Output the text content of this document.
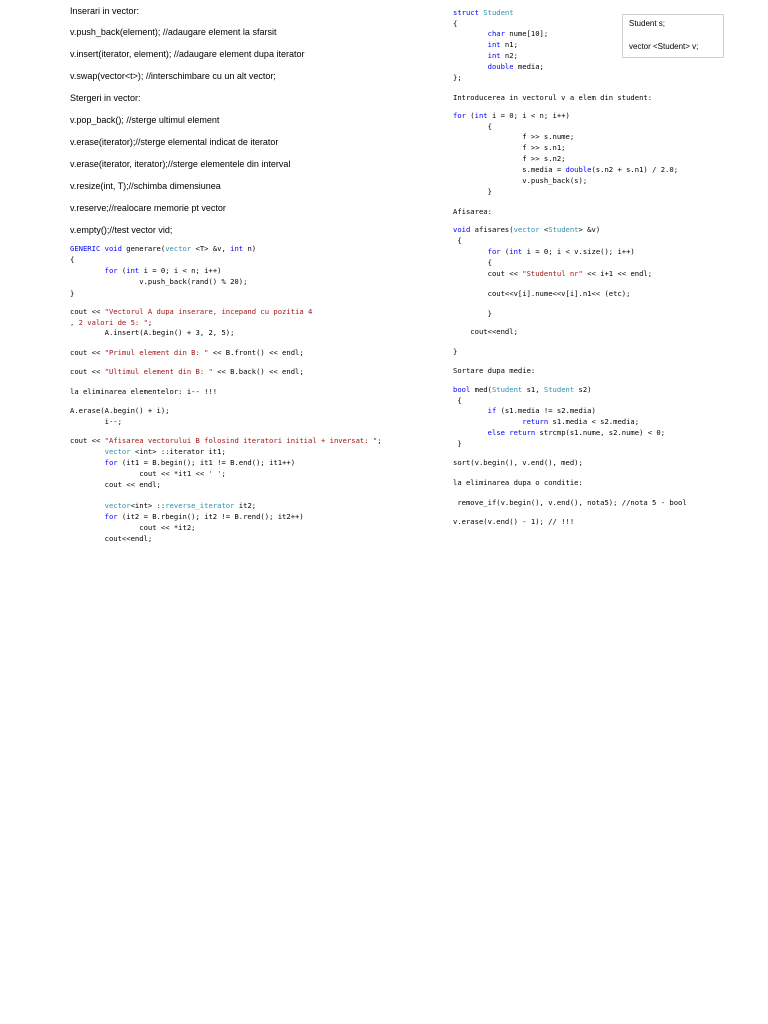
Inserari in vector:
v.push_back(element); //adaugare element la sfarsit
v.insert(iterator, element); //adaugare element dupa iterator
v.swap(vector<t>); //interschimbare cu un alt vector;
Stergeri in vector:
v.pop_back(); //sterge ultimul element
v.erase(iterator);//sterge elemental indicat de iterator
v.erase(iterator, iterator);//sterge elementele din interval
v.resize(int, T);//schimba dimensiunea
v.reserve;//realocare memorie pt vector
v.empty();//test vector vid;
GENERIC void generare(vector <T> &v, int n)
{
for (int i = 0; i < n; i++)
v.push_back(rand() % 20);
}
cout << "Vectorul A dupa inserare, incepand cu pozitia 4
, 2 valori de 5: ";
A.insert(A.begin() + 3, 2, 5);
cout << "Primul element din B: " << B.front() << endl;
cout << "Ultimul element din B: " << B.back() << endl;
la eliminarea elementelor: i-- !!!
A.erase(A.begin() + i);
i--;
cout << "Afisarea vectorului B folosind iteratori initial + inversat: ";
vector <int> ::iterator it1;
for (it1 = B.begin(); it1 != B.end(); it1++)
cout << *it1 << ' ';
cout << endl;
vector<int> ::reverse_iterator it2;
for (it2 = B.rbegin(); it2 != B.rend(); it2++)
cout << *it2;
cout<<endl;
struct Student
{
char nume[10];
int n1;
int n2;
double media;
};
Introducerea in vectorul v a elem din student:
for (int i = 0; i < n; i++)
{
f >> s.nume;
f >> s.n1;
f >> s.n2;
s.media = double(s.n2 + s.n1) / 2.0;
v.push_back(s);
}
Afisarea:
void afisares(vector <Student> &v)
{
for (int i = 0; i < v.size(); i++)
{
cout << "Studentul nr" << i+1 << endl;
cout<<v[i].nume<<v[i].n1<< (etc);
}
cout<<endl;
}
Sortare dupa medie:
bool med(Student s1, Student s2)
{
if (s1.media != s2.media)
return s1.media < s2.media;
else return strcmp(s1.nume, s2.nume) < 0;
}
sort(v.begin(), v.end(), med);
la eliminarea dupa o conditie:
remove_if(v.begin(), v.end(), nota5); //nota 5 - bool
v.erase(v.end() - 1); // !!!
Student s;
vector <Student> v;
